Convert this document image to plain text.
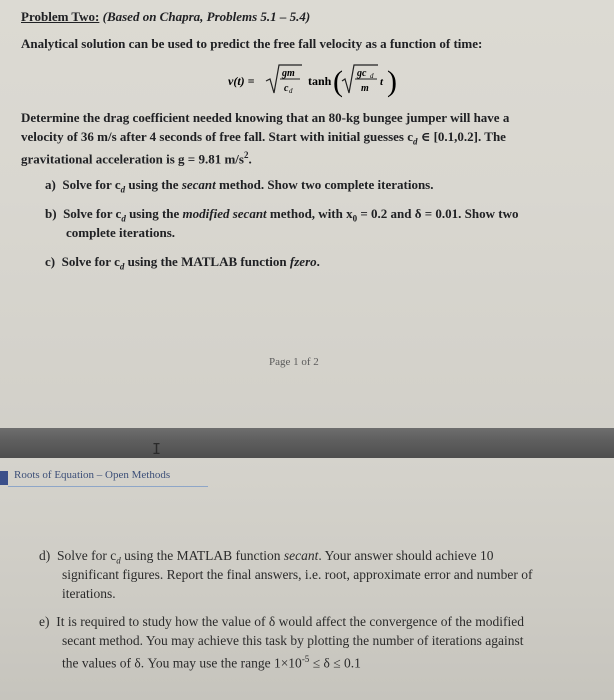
Problem Two: (Based on Chapra, Problems 5.1 – 5.4)
Analytical solution can be used to predict the free fall velocity as a function of time:
v(t) =
gm
c d
tanh ( gc d
m
t )
Determine the drag coefficient needed knowing that an 80-kg bungee jumper will have a
velocity of 36 m/s after 4 seconds of free fall. Start with initial guesses $c_d$ ∈ [0.1,0.2]. The
gravitational acceleration is g = 9.81 $m/s^2$.
a) Solve for $c_d$ using the secant method. Show two complete iterations.
b) Solve for $c_d$ using the modified secant method, with $x_0 = 0.2$ and δ = 0.01. Show two
complete iterations.
c) Solve for $c_d$ using the MATLAB function fzero.
Page 1 of 2
Ι
Roots of Equation – Open Methods
d) Solve for $c_d$ using the MATLAB function secant. Your answer should achieve 10
significant figures. Report the final answers, i.e. root, approximate error and number of
iterations.
e) It is required to study how the value of δ would affect the convergence of the modified
secant method. You may achieve this task by plotting the number of iterations against
the values of δ. You may use the range $1\times 10^{-5} \le \delta \le 0.1$
